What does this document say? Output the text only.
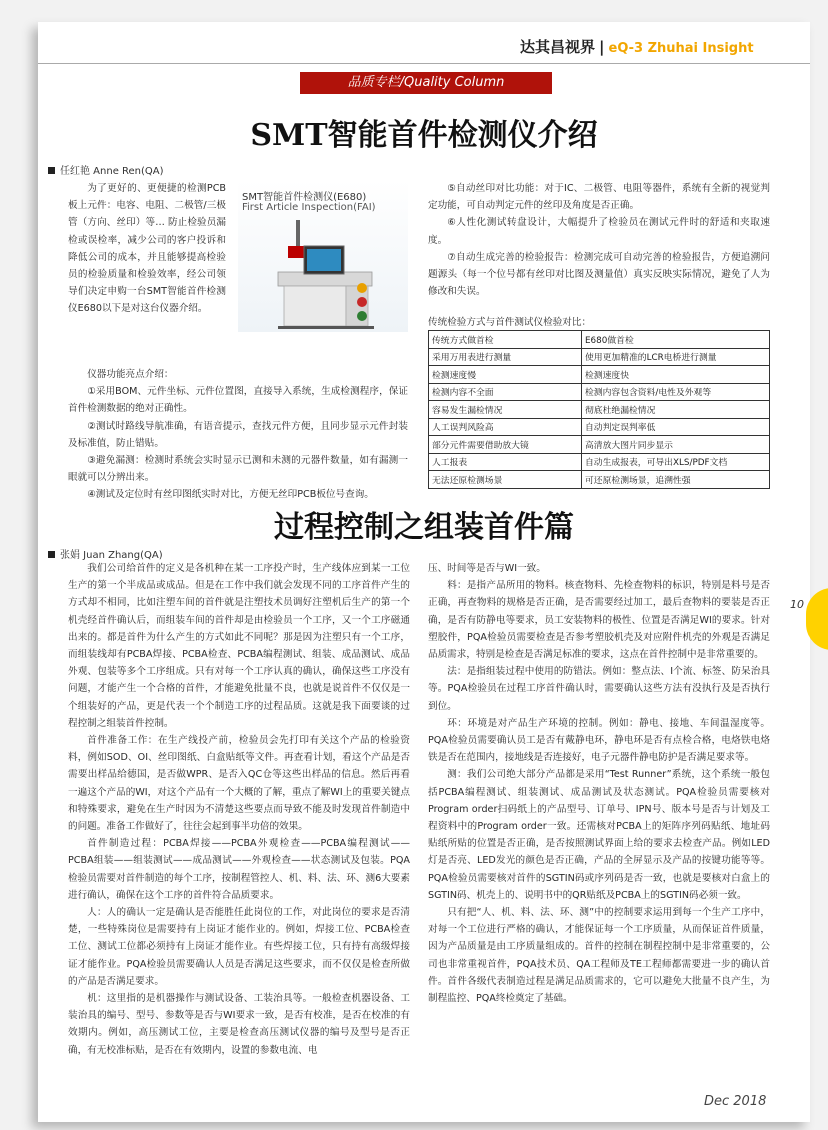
达其昌视界 | eQ-3 Zhuhai Insight
品质专栏/Quality Column
SMT智能首件检测仪介绍
任红艳 Anne Ren(QA)

为了更好的、更便捷的检测PCB板上元件：电容、电阻、二极管/三极管（方向、丝印）等… 防止检验员漏检或误检率，减少公司的客户投诉和降低公司的成本，并且能够提高检验员的检验质量和检验效率，经公司领导们决定申购一台SMT智能首件检测仪E680以下是对这台仪器介绍。

SMT智能首件检测仪(E680)
First Article Inspection(FAI)

仪器功能亮点介绍：

①采用BOM、元件坐标、元件位置图，直接导入系统，生成检测程序，保证首件检测数据的绝对正确性。

②测试时路线导航准确，有语音提示，查找元件方便，且同步显示元件封装及标准值，防止错贴。

③避免漏测：检测时系统会实时显示已测和未测的元器件数量，如有漏测一眼就可以分辨出来。

④测试及定位时有丝印图纸实时对比，方便无丝印PCB板位号查询。

⑤自动丝印对比功能：对于IC、二极管、电阻等器件，系统有全新的视觉判定功能，可自动判定元件的丝印及角度是否正确。

⑥人性化测试转盘设计，大幅提升了检验员在测试元件时的舒适和夹取速度。

⑦自动生成完善的检验报告：检测完成可自动完善的检验报告，方便追溯问题源头（每一个位号都有丝印对比图及测量值）真实反映实际情况，避免了人为修改和失误。

传统检验方式与首件测试仪检验对比：
传统方式做首检	E680做首检
采用万用表进行测量	使用更加精准的LCR电桥进行测量
检测速度慢	检测速度快
检测内容不全面	检测内容包含资料/电性及外观等
容易发生漏检情况	彻底杜绝漏检情况
人工误判风险高	自动判定误判率低
部分元件需要借助放大镜	高清放大图片同步显示
人工报表	自动生成报表，可导出XLS/PDF文档
无法还原检测场景	可还原检测场景，追溯性强
过程控制之组装首件篇
张娟 Juan Zhang(QA)

我们公司给首件的定义是各机种在某一工序投产时，生产线体应到某一工位生产的第一个半成品或成品。但是在工作中我们就会发现不同的工序首件产生的方式却不相同，比如注塑车间的首件就是注塑技术员调好注塑机后生产的第一个机壳经首件确认后，而组装车间的首件却是由检验员一个工序，又一个工序磁通出来的。都是首件为什么产生的方式如此不同呢？那是因为注塑只有一个工序，而组装线却有PCBA焊接、PCBA检查、PCBA编程测试、组装、成品测试、成品外观、包装等多个工序组成。只有对每一个工序认真的确认，确保这些工序没有问题，才能产生一个合格的首件，才能避免批量不良，也就是说首件不仅仅是一个组装好的产品，更是代表一个个制造工序的过程品质。这就是我下面要谈的过程控制之组装首件控制。

首件准备工作：在生产线投产前，检验员会先打印有关这个产品的检验资料，例如SOD、OI、丝印图纸、白盒贴纸等文件。再查看计划，看这个产品是否需要出样品给德国，是否做WPR、是否入QC仓等这些出样品的信息。然后再看一遍这个产品的WI，对这个产品有一个大概的了解，重点了解WI上的重要关键点和特殊要求，避免在生产时因为不清楚这些要点而导致不能及时发现首件制造中的问题。准备工作做好了，往往会起到事半功倍的效果。

首件制造过程：PCBA焊接——PCBA外观检查——PCBA编程测试——PCBA组装——组装测试——成品测试——外观检查——状态测试及包装。PQA检验员需要对首件制造的每个工序，按制程管控人、机、料、法、环、测6大要素进行确认，确保在这个工序的首件符合品质要求。

人：人的确认一定是确认是否能胜任此岗位的工作，对此岗位的要求是否清楚，一些特殊岗位是需要持有上岗证才能作业的。例如，焊接工位、PCBA检查工位、测试工位都必须持有上岗证才能作业。有些焊接工位，只有持有高级焊接证才能作业。PQA检验员需要确认人员是否满足这些要求，而不仅仅是检查所做的产品是否满足要求。

机：这里指的是机器操作与测试设备、工装治具等。一般检查机器设备、工装治具的编号、型号、参数等是否与WI要求一致，是否有校准，是否在校准的有效期内。例如，高压测试工位，主要是检查高压测试仪器的编号及型号是否正确，有无校准标贴，是否在有效期内，设置的参数电流、电

压、时间等是否与WI一致。

料：是指产品所用的物料。核查物料、先检查物料的标识，特别是料号是否正确，再查物料的规格是否正确，是否需要经过加工，最后查物料的要装是否正确，是否有防静电等要求，员工安装物料的极性、位置是否满足WI的要求。针对塑胶件，PQA检验员需要检查是否参考塑胶机壳及对应附件机壳的外观是否满足品质需求，特别是检查是否满足标准的要求，这点在首件控制中是非常重要的。

法：是指组装过程中使用的防错法。例如：整点法、I个流、标签、防呆治具等。PQA检验员在过程工序首件确认时，需要确认这些方法有没执行及是否执行到位。

环：环境是对产品生产环境的控制。例如：静电、接地、车间温湿度等。PQA检验员需要确认员工是否有戴静电环，静电环是否有点检合格，电烙铁电烙铁是否在范围内，接地线是否连接好，电子元器件静电防护是否满足要求等。

测：我们公司绝大部分产品都是采用“Test Runner”系统，这个系统一般包括PCBA编程测试、组装测试、成品测试及状态测试。PQA检验员需要核对Program order扫码纸上的产品型号、订单号、IPN号、版本号是否与计划及工程资料中的Program order一致。还需核对PCBA上的矩阵序列码贴纸、地址码贴纸所贴的位置是否正确，是否按照测试界面上给的要求去检查产品。例如LED灯是否亮、LED发光的颜色是否正确，产品的全屏显示及产品的按键功能等等。PQA检验员需要核对首件的SGTIN码或序列码是否一致，也就是要核对白盒上的SGTIN码、机壳上的、说明书中的QR贴纸及PCBA上的SGTIN码必须一致。

只有把“人、机、料、法、环、测”中的控制要求运用到每一个生产工序中，对每一个工位进行严格的确认，才能保证每一个工序质量，从而保证首件质量，因为产品质量是由工序质量组成的。首件的控制在制程控制中是非常重要的，公司也非常重视首件，PQA技术员、QA工程师及TE工程师都需要进一步的确认首件。首件各级代表制造过程是满足品质需求的，它可以避免大批量不良产生，为制程监控、PQA终检奠定了基础。

10
Dec 2018
